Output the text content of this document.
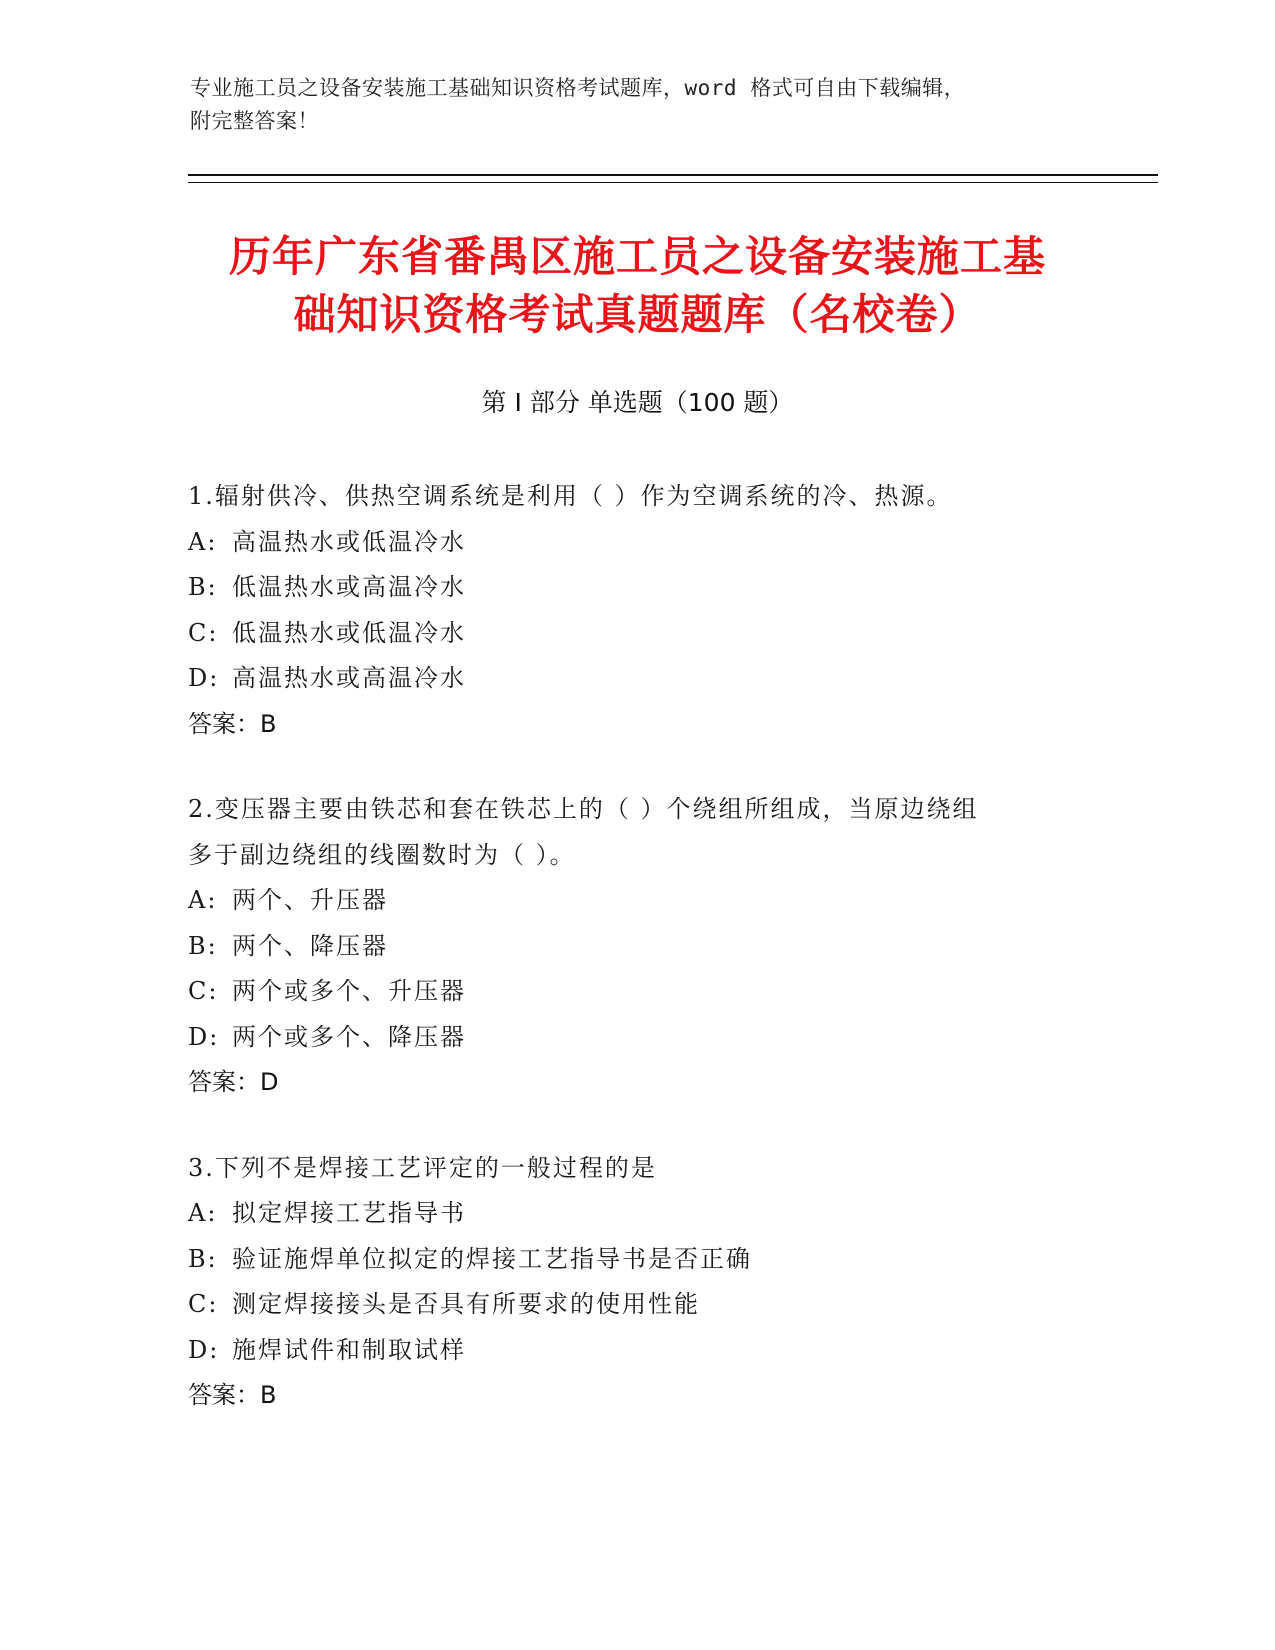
专业施工员之设备安装施工基础知识资格考试题库，word 格式可自由下载编辑，
附完整答案！
历年广东省番禺区施工员之设备安装施工基
础知识资格考试真题题库（名校卷）
第 I 部分 单选题（100 题）

1.辐射供冷、供热空调系统是利用（ ）作为空调系统的冷、热源。

A: 高温热水或低温冷水

B: 低温热水或高温冷水

C: 低温热水或低温冷水

D: 高温热水或高温冷水

答案：B

2.变压器主要由铁芯和套在铁芯上的（ ）个绕组所组成，当原边绕组

多于副边绕组的线圈数时为（ ）。

A: 两个、升压器

B: 两个、降压器

C: 两个或多个、升压器

D: 两个或多个、降压器

答案：D

3.下列不是焊接工艺评定的一般过程的是

A: 拟定焊接工艺指导书

B: 验证施焊单位拟定的焊接工艺指导书是否正确

C: 测定焊接接头是否具有所要求的使用性能

D: 施焊试件和制取试样

答案：B
